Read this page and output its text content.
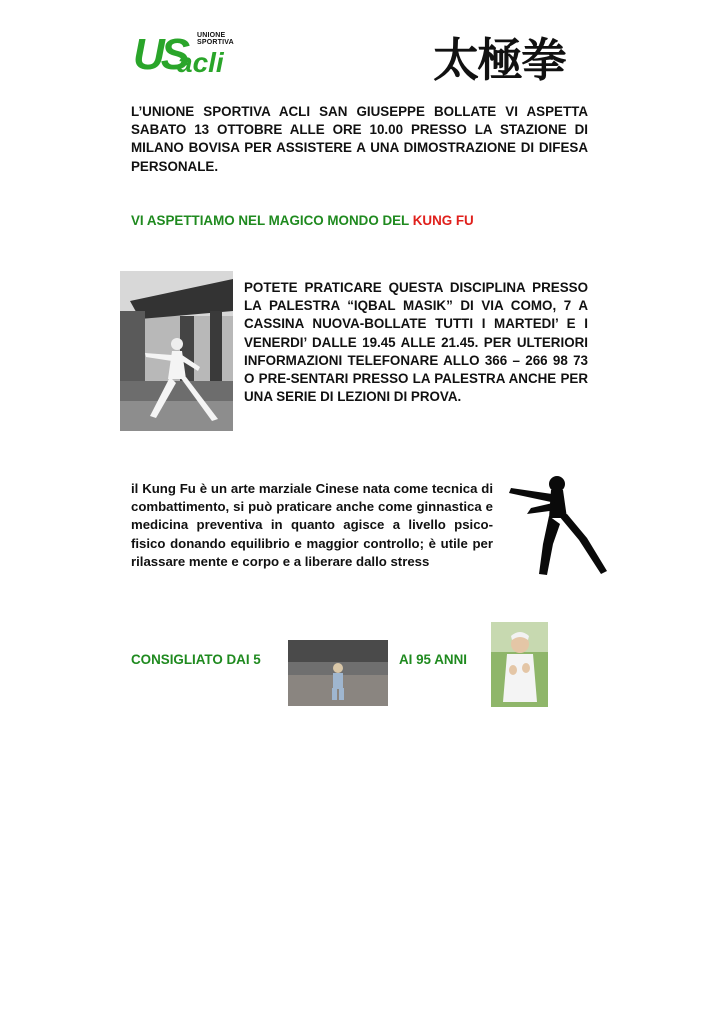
US
acli
UNIONE SPORTIVA	太極拳
L’UNIONE SPORTIVA ACLI SAN GIUSEPPE BOLLATE VI ASPETTA SABATO 13 OTTOBRE ALLE ORE 10.00 PRESSO LA STAZIONE DI MILANO BOVISA PER ASSISTERE A UNA DIMOSTRAZIONE DI DIFESA PERSONALE.
VI ASPETTIAMO NEL MAGICO MONDO DEL KUNG FU
POTETE PRATICARE QUESTA DISCIPLINA PRESSO LA PALESTRA “IQBAL MASIK” DI VIA COMO, 7 A CASSINA NUOVA-BOLLATE TUTTI I MARTEDI’ E I VENERDI’ DALLE 19.45 ALLE 21.45. PER ULTERIORI INFORMAZIONI TELEFONARE ALLO 366 – 266 98 73 O PRE-SENTARI PRESSO LA PALESTRA ANCHE PER UNA SERIE DI LEZIONI DI PROVA.
il Kung Fu è un arte marziale Cinese nata come tecnica di combattimento, si può praticare anche come ginnastica e medicina preventiva in quanto agisce a livello psico-fisico donando equilibrio e maggior controllo; è utile per rilassare mente e corpo e a liberare dallo stress
CONSIGLIATO DAI 5	AI 95 ANNI
